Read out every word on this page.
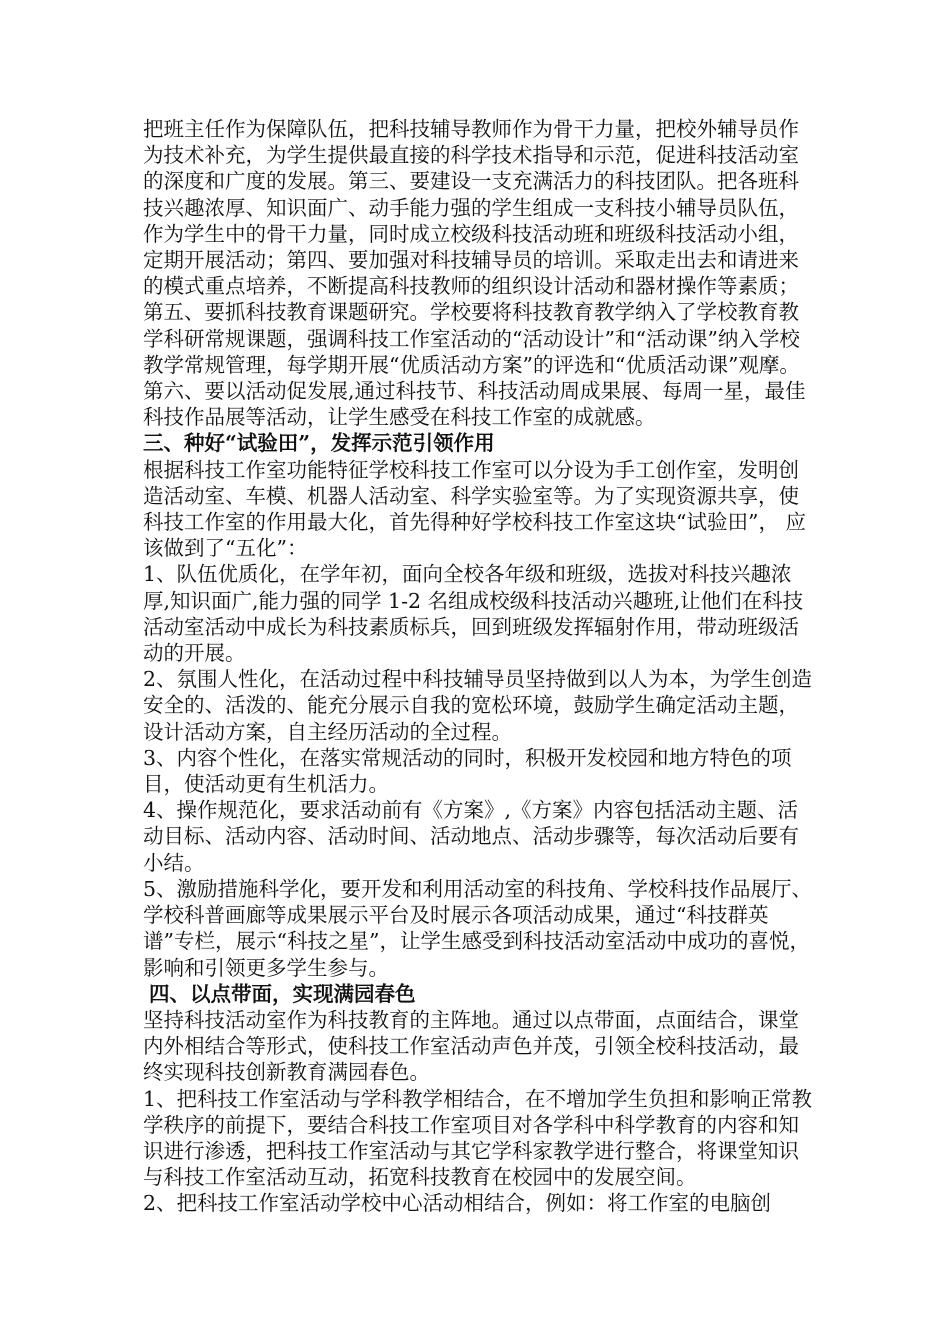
把班主任作为保障队伍，把科技辅导教师作为骨干力量，把校外辅导员作为技术补充，为学生提供最直接的科学技术指导和示范，促进科技活动室的深度和广度的发展。第三、要建设一支充满活力的科技团队。把各班科技兴趣浓厚、知识面广、动手能力强的学生组成一支科技小辅导员队伍，作为学生中的骨干力量，同时成立校级科技活动班和班级科技活动小组，定期开展活动；第四、要加强对科技辅导员的培训。采取走出去和请进来的模式重点培养，不断提高科技教师的组织设计活动和器材操作等素质；第五、要抓科技教育课题研究。学校要将科技教育教学纳入了学校教育教学科研常规课题，强调科技工作室活动的“活动设计”和“活动课”纳入学校教学常规管理，每学期开展“优质活动方案”的评选和“优质活动课”观摩。 第六、要以活动促发展,通过科技节、科技活动周成果展、每周一星，最佳科技作品展等活动，让学生感受在科技工作室的成就感。

三、种好“试验田”，发挥示范引领作用

根据科技工作室功能特征学校科技工作室可以分设为手工创作室，发明创造活动室、车模、机器人活动室、科学实验室等。为了实现资源共享，使科技工作室的作用最大化，首先得种好学校科技工作室这块“试验田”， 应该做到了“五化”：

1、队伍优质化，在学年初，面向全校各年级和班级，选拔对科技兴趣浓厚,知识面广,能力强的同学 1-2 名组成校级科技活动兴趣班,让他们在科技活动室活动中成长为科技素质标兵，回到班级发挥辐射作用，带动班级活动的开展。

2、氛围人性化，在活动过程中科技辅导员坚持做到以人为本，为学生创造安全的、活泼的、能充分展示自我的宽松环境，鼓励学生确定活动主题，设计活动方案，自主经历活动的全过程。

3、内容个性化，在落实常规活动的同时，积极开发校园和地方特色的项目，使活动更有生机活力。

4、操作规范化，要求活动前有《方案》,《方案》内容包括活动主题、活动目标、活动内容、活动时间、活动地点、活动步骤等，每次活动后要有小结。

5、激励措施科学化，要开发和利用活动室的科技角、学校科技作品展厅、学校科普画廊等成果展示平台及时展示各项活动成果，通过“科技群英谱”专栏，展示“科技之星”，让学生感受到科技活动室活动中成功的喜悦，影响和引领更多学生参与。

四、以点带面，实现满园春色

坚持科技活动室作为科技教育的主阵地。通过以点带面，点面结合，课堂内外相结合等形式，使科技工作室活动声色并茂，引领全校科技活动，最终实现科技创新教育满园春色。

1、把科技工作室活动与学科教学相结合，在不增加学生负担和影响正常教学秩序的前提下，要结合科技工作室项目对各学科中科学教育的内容和知识进行渗透，把科技工作室活动与其它学科家教学进行整合，将课堂知识与科技工作室活动互动，拓宽科技教育在校园中的发展空间。

2、把科技工作室活动学校中心活动相结合，例如：将工作室的电脑创
